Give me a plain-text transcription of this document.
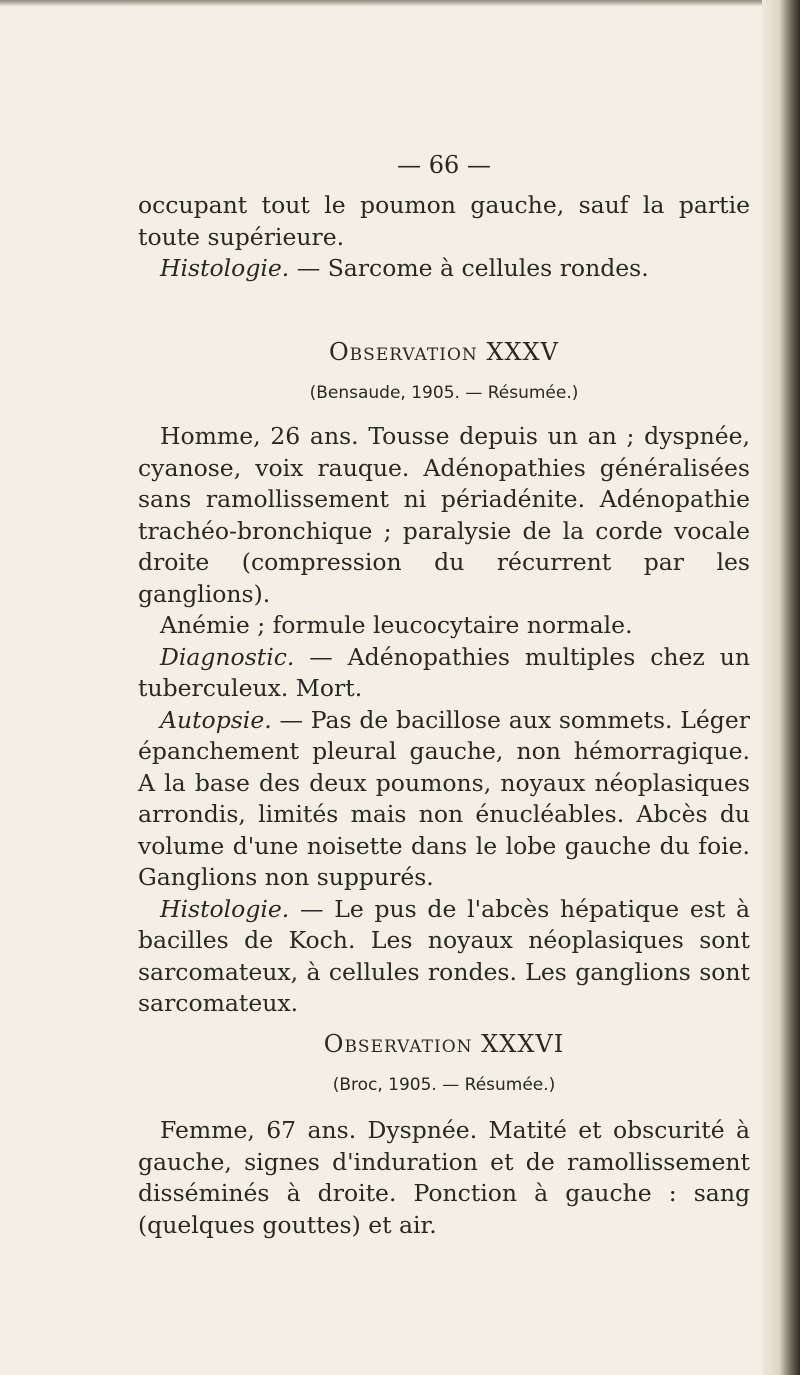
— 66 —

occupant tout le poumon gauche, sauf la partie toute supérieure.

Histologie. — Sarcome à cellules rondes.

Observation XXXV
(Bensaude, 1905. — Résumée.)

Homme, 26 ans. Tousse depuis un an ; dyspnée, cyanose, voix rauque. Adénopathies généralisées sans ramollissement ni périadénite. Adénopathie trachéo-bronchique ; paralysie de la corde vocale droite (compression du récurrent par les ganglions).

Anémie ; formule leucocytaire normale.

Diagnostic. — Adénopathies multiples chez un tuberculeux. Mort.

Autopsie. — Pas de bacillose aux sommets. Léger épanchement pleural gauche, non hémorragique. A la base des deux poumons, noyaux néoplasiques arrondis, limités mais non énucléables. Abcès du volume d'une noisette dans le lobe gauche du foie. Ganglions non suppurés.

Histologie. — Le pus de l'abcès hépatique est à bacilles de Koch. Les noyaux néoplasiques sont sarcomateux, à cellules rondes. Les ganglions sont sarcomateux.

Observation XXXVI
(Broc, 1905. — Résumée.)

Femme, 67 ans. Dyspnée. Matité et obscurité à gauche, signes d'induration et de ramollissement disséminés à droite. Ponction à gauche : sang (quelques gouttes) et air.
